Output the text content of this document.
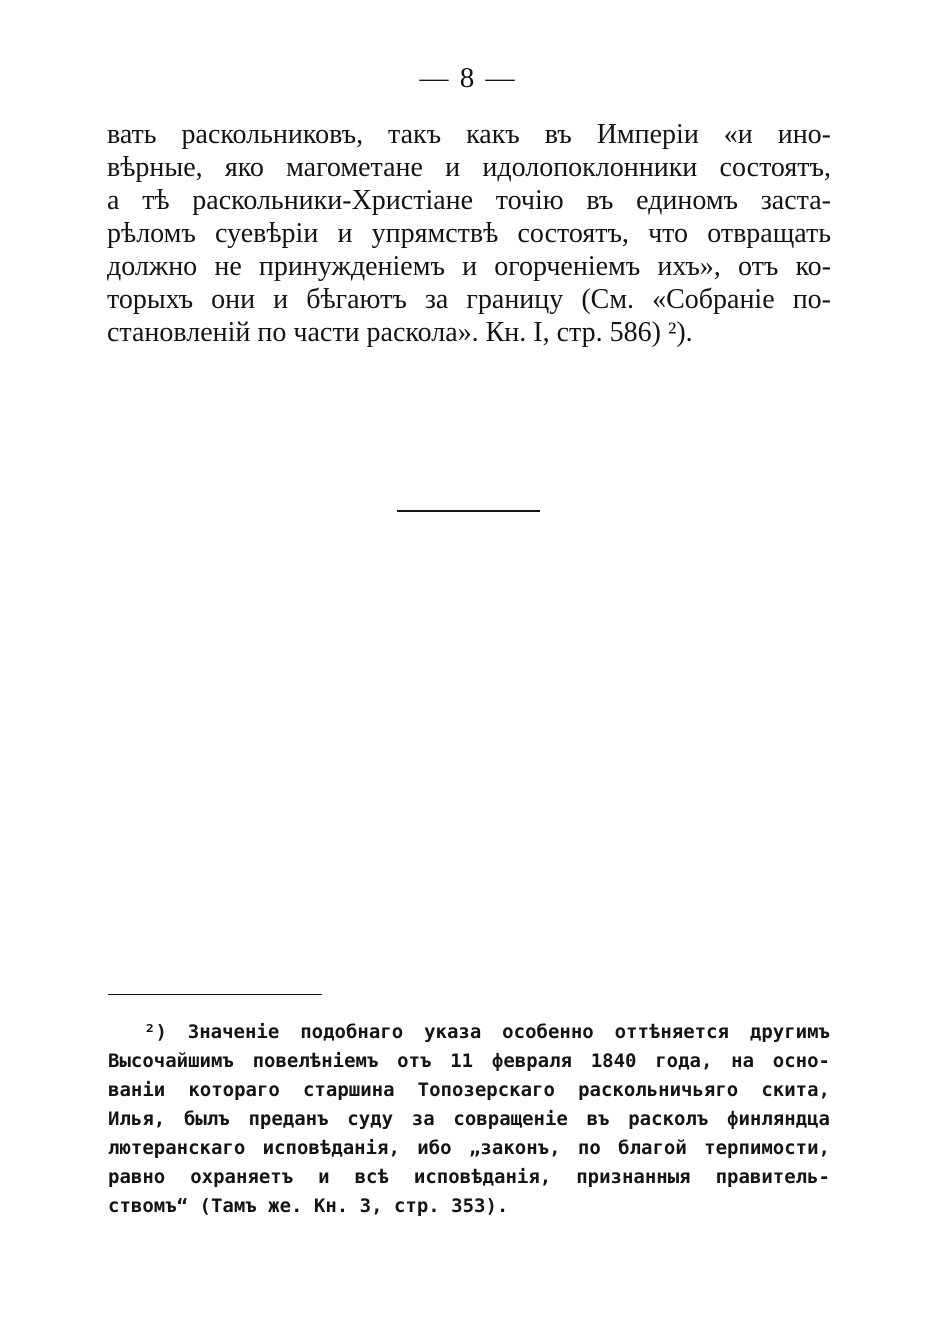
— 8 —
вать раскольниковъ, такъ какъ въ Имперіи «и ино-
вѣрные, яко магометане и идолопоклонники состоятъ,
а тѣ раскольники-Христiане точiю въ единомъ заста-
рѣломъ суевѣріи и упрямствѣ состоятъ, что отвращать
должно не принужденіемъ и огорченіемъ ихъ», отъ ко-
торыхъ они и бѣгаютъ за границу (См. «Собраніе по-
становленій по части раскола». Кн. I, стр. 586) ²).
²) Значеніе подобнаго указа особенно оттѣняется другимъ
Высочайшимъ повелѣніемъ отъ 11 февраля 1840 года, на осно-
ваніи котораго старшина Топозерскаго раскольничьяго скита,
Илья, былъ преданъ суду за совращеніе въ расколъ финляндца
лютеранскаго исповѣданія, ибо „законъ, по благой терпимости,
равно охраняетъ и всѣ исповѣданія, признанныя правитель-
ствомъ“ (Тамъ же. Кн. 3, стр. 353).
